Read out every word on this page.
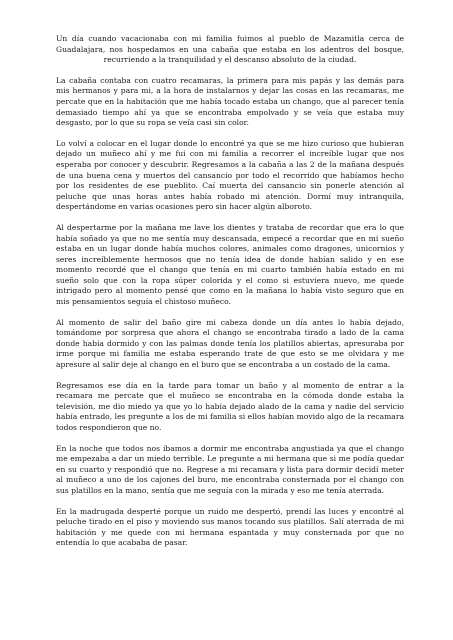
Un día cuando vacacionaba con mi familia fuimos al pueblo de Mazamitla cerca de Guadalajara, nos hospedamos en una cabaña que estaba en los adentros del bosque, recurriendo a la tranquilidad y el descanso absoluto de la ciudad.

La cabaña contaba con cuatro recamaras, la primera para mis papás y las demás para mis hermanos y para mi, a la hora de instalarnos y dejar las cosas en las recamaras, me percate que en la habitación que me había tocado estaba un chango, que al parecer tenía demasiado tiempo ahí ya que se encontraba empolvado y se veía que estaba muy desgasto, por lo que su ropa se veía casi sin color.

Lo volví a colocar en el lugar donde lo encontré ya que se me hizo curioso que hubieran dejado un muñeco ahí y me fui con mi familia a recorrer el increíble lugar que nos esperaba por conocer y descubrir. Regresamos a la cabaña a las 2 de la mañana después de una buena cena y muertos del cansancio por todo el recorrido que habíamos hecho por los residentes de ese pueblito. Caí muerta del cansancio sin ponerle atención al peluche que unas horas antes había robado mi atención. Dormí muy intranquila, despertándome en varias ocasiones pero sin hacer algún alboroto.

Al despertarme por la mañana me lave los dientes y trataba de recordar que era lo que había soñado ya que no me sentía muy descansada, empecé a recordar que en mi sueño estaba en un lugar donde había muchos colores, animales como dragones, unicornios y seres increíblemente hermosos que no tenía idea de donde habían salido y en ese momento recordé que el chango que tenía en mi cuarto también había estado en mi sueño solo que con la ropa súper colorida y el como si estuviera nuevo, me quede intrigado pero al momento pensé que como en la mañana lo había visto seguro que en mis pensamientos seguía el chistoso muñeco.

Al momento de salir del baño gire mi cabeza donde un día antes lo había dejado, tomándome por sorpresa que ahora el chango se encontraba tirado a lado de la cama donde había dormido y con las palmas donde tenía los platillos abiertas, apresuraba por irme porque mi familia me estaba esperando trate de que esto se me olvidara y me apresure al salir deje al chango en el buro que se encontraba a un costado de la cama.

Regresamos ese día en la tarde para tomar un baño y al momento de entrar a la recamara me percate que el muñeco se encontraba en la cómoda donde estaba la televisión, me dio miedo ya que yo lo había dejado alado de la cama y nadie del servicio había entrado, les pregunte a los de mi familia si ellos habían movido algo de la recamara todos respondieron que no.

En la noche que todos nos íbamos a dormir me encontraba angustiada ya que el chango me empezaba a dar un miedo terrible. Le pregunte a mi hermana que si me podía quedar en su cuarto y respondió que no. Regrese a mi recamara y lista para dormir decidí meter al muñeco a uno de los cajones del buro, me encontraba consternada por el chango con sus platillos en la mano, sentía que me seguía con la mirada y eso me tenía aterrada.

En la madrugada desperté porque un ruido me despertó, prendí las luces y encontré al peluche tirado en el piso y moviendo sus manos tocando sus platillos. Salí aterrada de mi habitación y me quede con mi hermana espantada y muy consternada por que no entendía lo que acababa de pasar.
